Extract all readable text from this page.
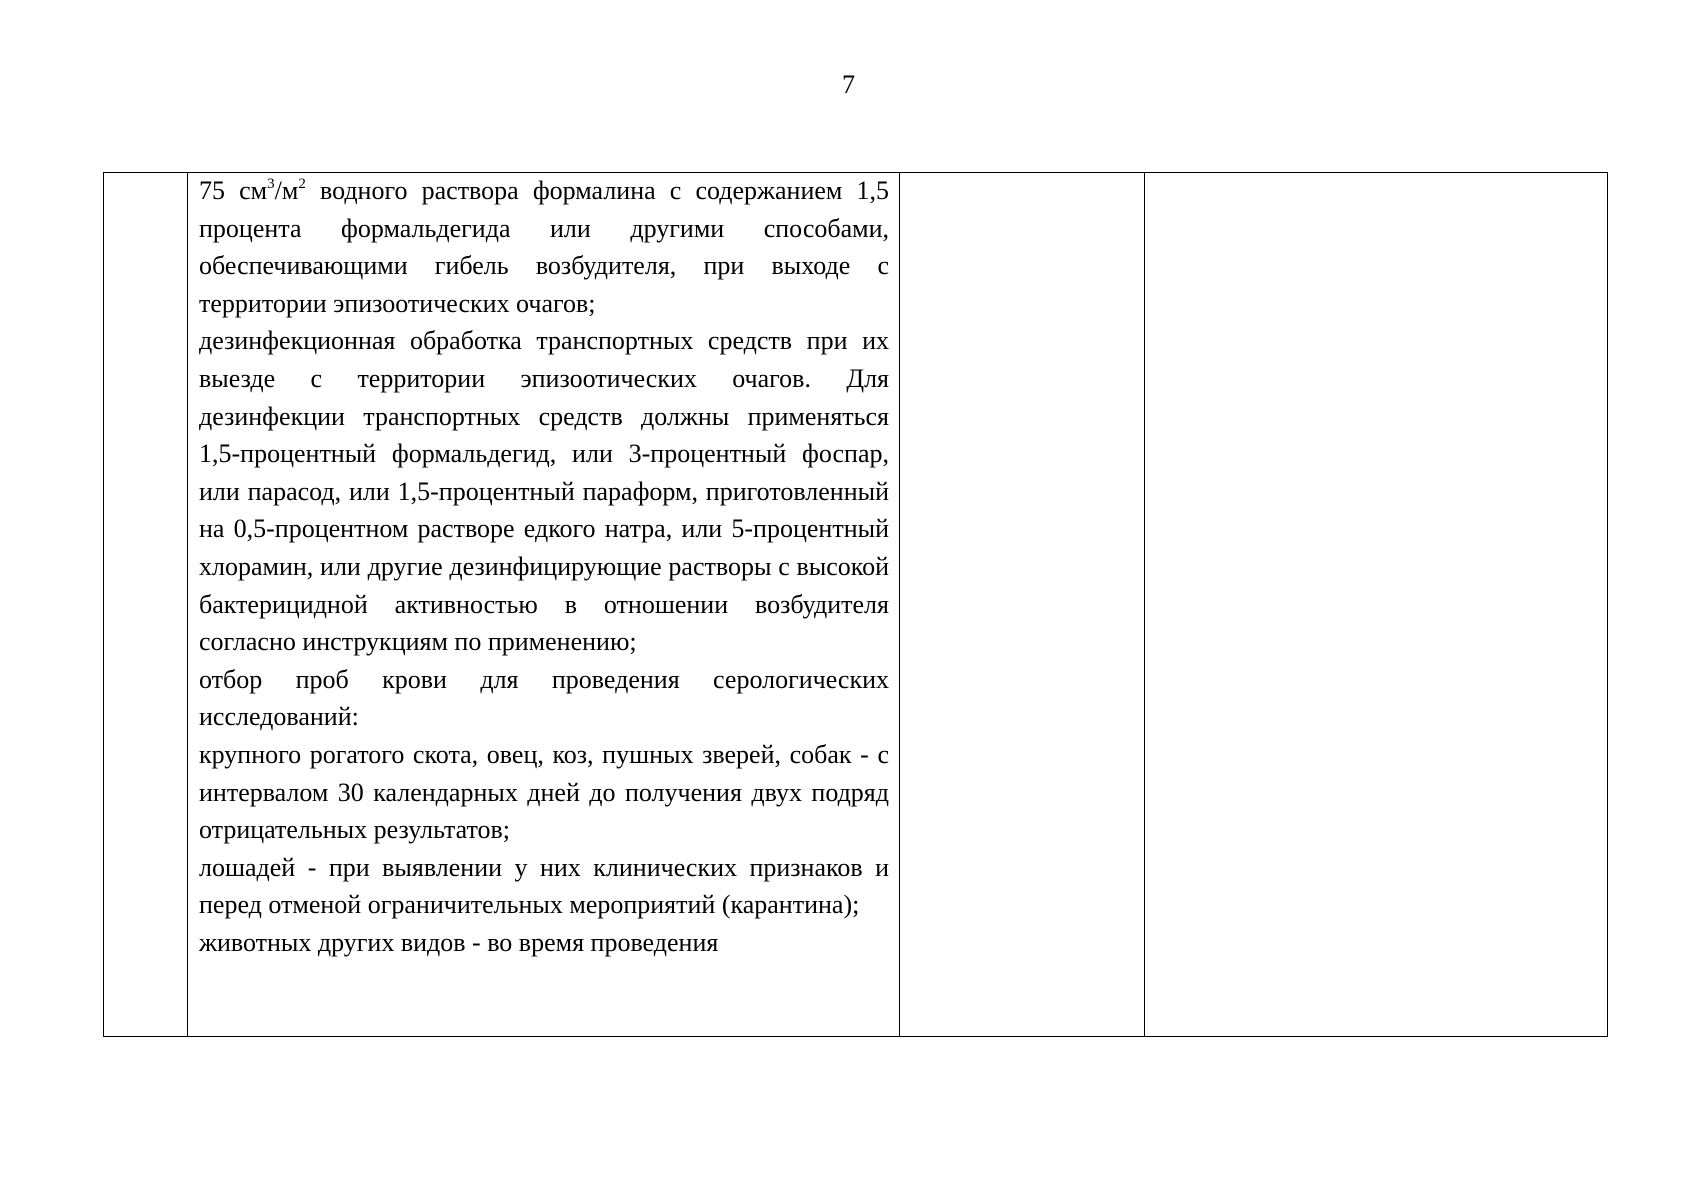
7

75 $см^3/м^2$ водного раствора формалина с содержанием 1,5 процента формальдегида или другими способами, обеспечивающими гибель возбудителя, при выходе с территории эпизоотических очагов;

дезинфекционная обработка транспортных средств при их выезде с территории эпизоотических очагов. Для дезинфекции транспортных средств должны применяться 1,5-процентный формальдегид, или 3-процентный фоспар, или парасод, или 1,5-процентный параформ, приготовленный на 0,5-процентном растворе едкого натра, или 5-процентный хлорамин, или другие дезинфицирующие растворы с высокой бактерицидной активностью в отношении возбудителя согласно инструкциям по применению;

отбор проб крови для проведения серологических исследований:

крупного рогатого скота, овец, коз, пушных зверей, собак - с интервалом 30 календарных дней до получения двух подряд отрицательных результатов;

лошадей - при выявлении у них клинических признаков и перед отменой ограничительных мероприятий (карантина);

животных других видов - во время проведения
